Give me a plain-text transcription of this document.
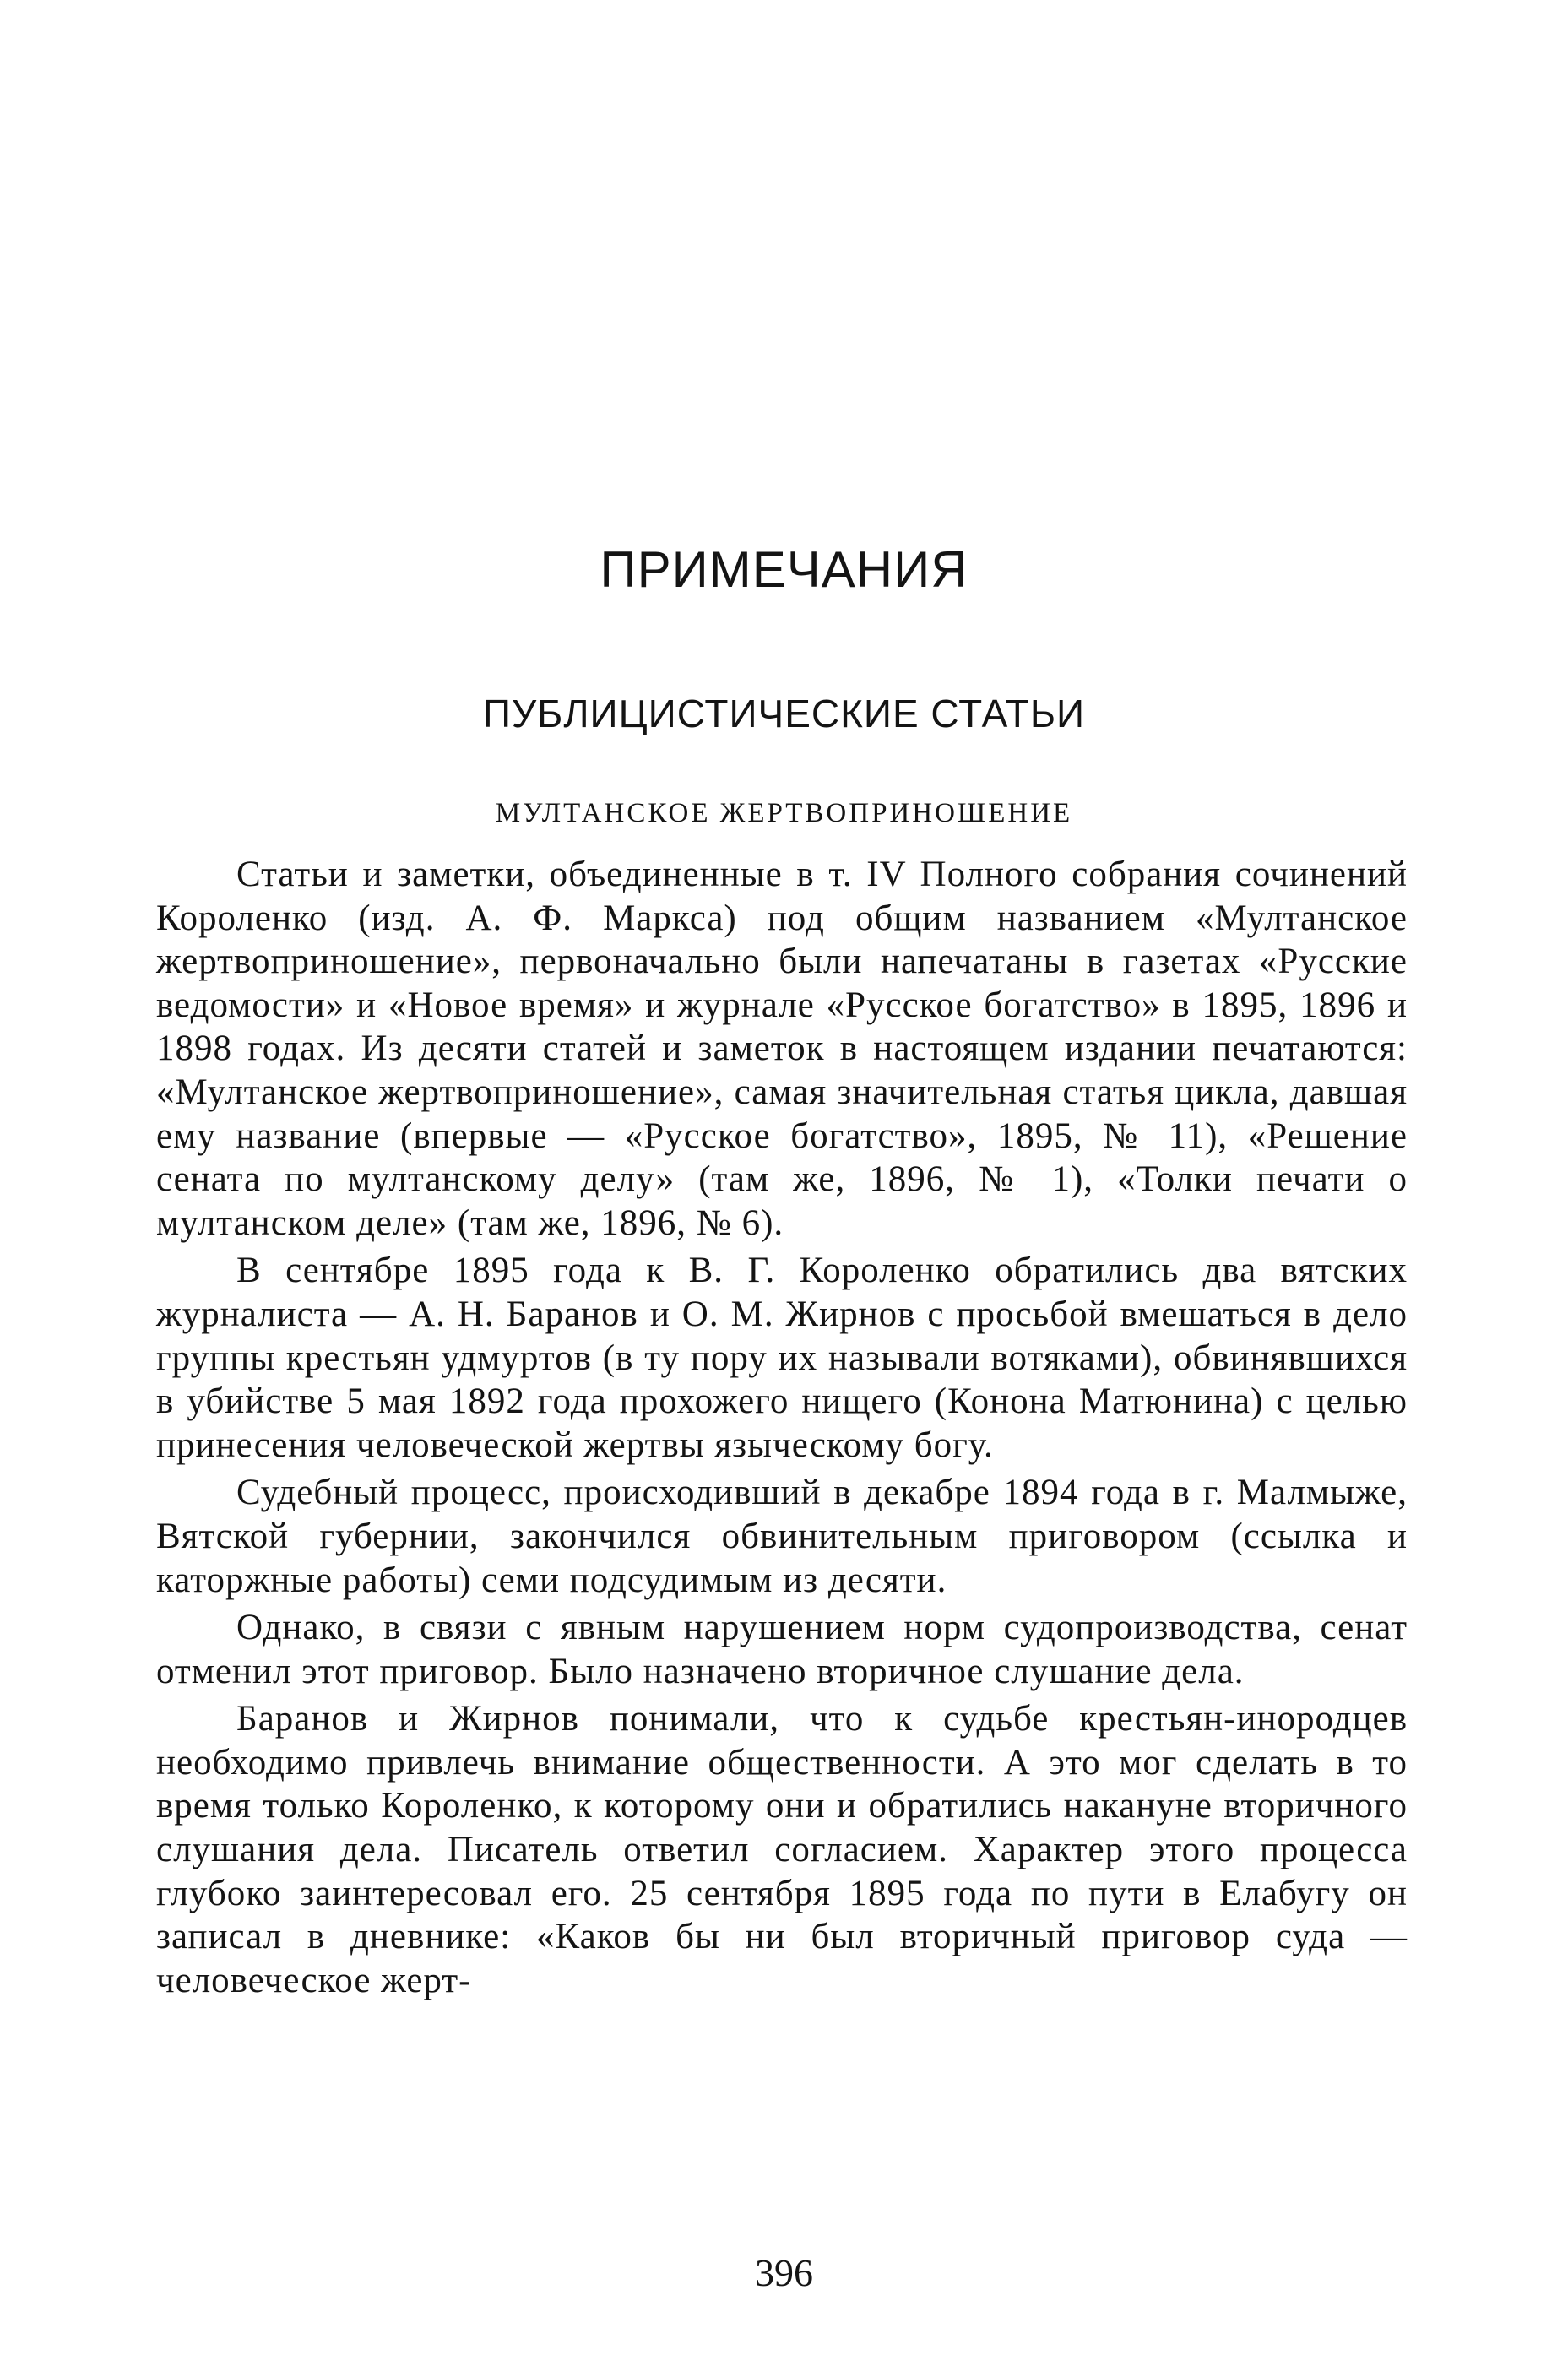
ПРИМЕЧАНИЯ
ПУБЛИЦИСТИЧЕСКИЕ СТАТЬИ
МУЛТАНСКОЕ ЖЕРТВОПРИНОШЕНИЕ

Статьи и заметки, объединенные в т. IV Полного собрания сочинений Короленко (изд. А. Ф. Маркса) под общим названием «Мултанское жертвоприношение», первоначально были напечатаны в газетах «Русские ведомости» и «Новое время» и журнале «Русское богатство» в 1895, 1896 и 1898 годах. Из десяти статей и заметок в настоящем издании печатаются: «Мултанское жертвоприношение», самая значительная статья цикла, давшая ему название (впервые — «Русское богатство», 1895, № 11), «Решение сената по мултанскому делу» (там же, 1896, № 1), «Толки печати о мултанском деле» (там же, 1896, № 6).

В сентябре 1895 года к В. Г. Короленко обратились два вятских журналиста — А. Н. Баранов и О. М. Жирнов с просьбой вмешаться в дело группы крестьян удмуртов (в ту пору их называли вотяками), обвинявшихся в убийстве 5 мая 1892 года прохожего нищего (Конона Матюнина) с целью принесения человеческой жертвы языческому богу.

Судебный процесс, происходивший в декабре 1894 года в г. Малмыже, Вятской губернии, закончился обвинительным приговором (ссылка и каторжные работы) семи подсудимым из десяти.

Однако, в связи с явным нарушением норм судопроизводства, сенат отменил этот приговор. Было назначено вторичное слушание дела.

Баранов и Жирнов понимали, что к судьбе крестьян-инородцев необходимо привлечь внимание общественности. А это мог сделать в то время только Короленко, к которому они и обратились накануне вторичного слушания дела. Писатель ответил согласием. Характер этого процесса глубоко заинтересовал его. 25 сентября 1895 года по пути в Елабугу он записал в дневнике: «Каков бы ни был вторичный приговор суда — человеческое жерт-

396
